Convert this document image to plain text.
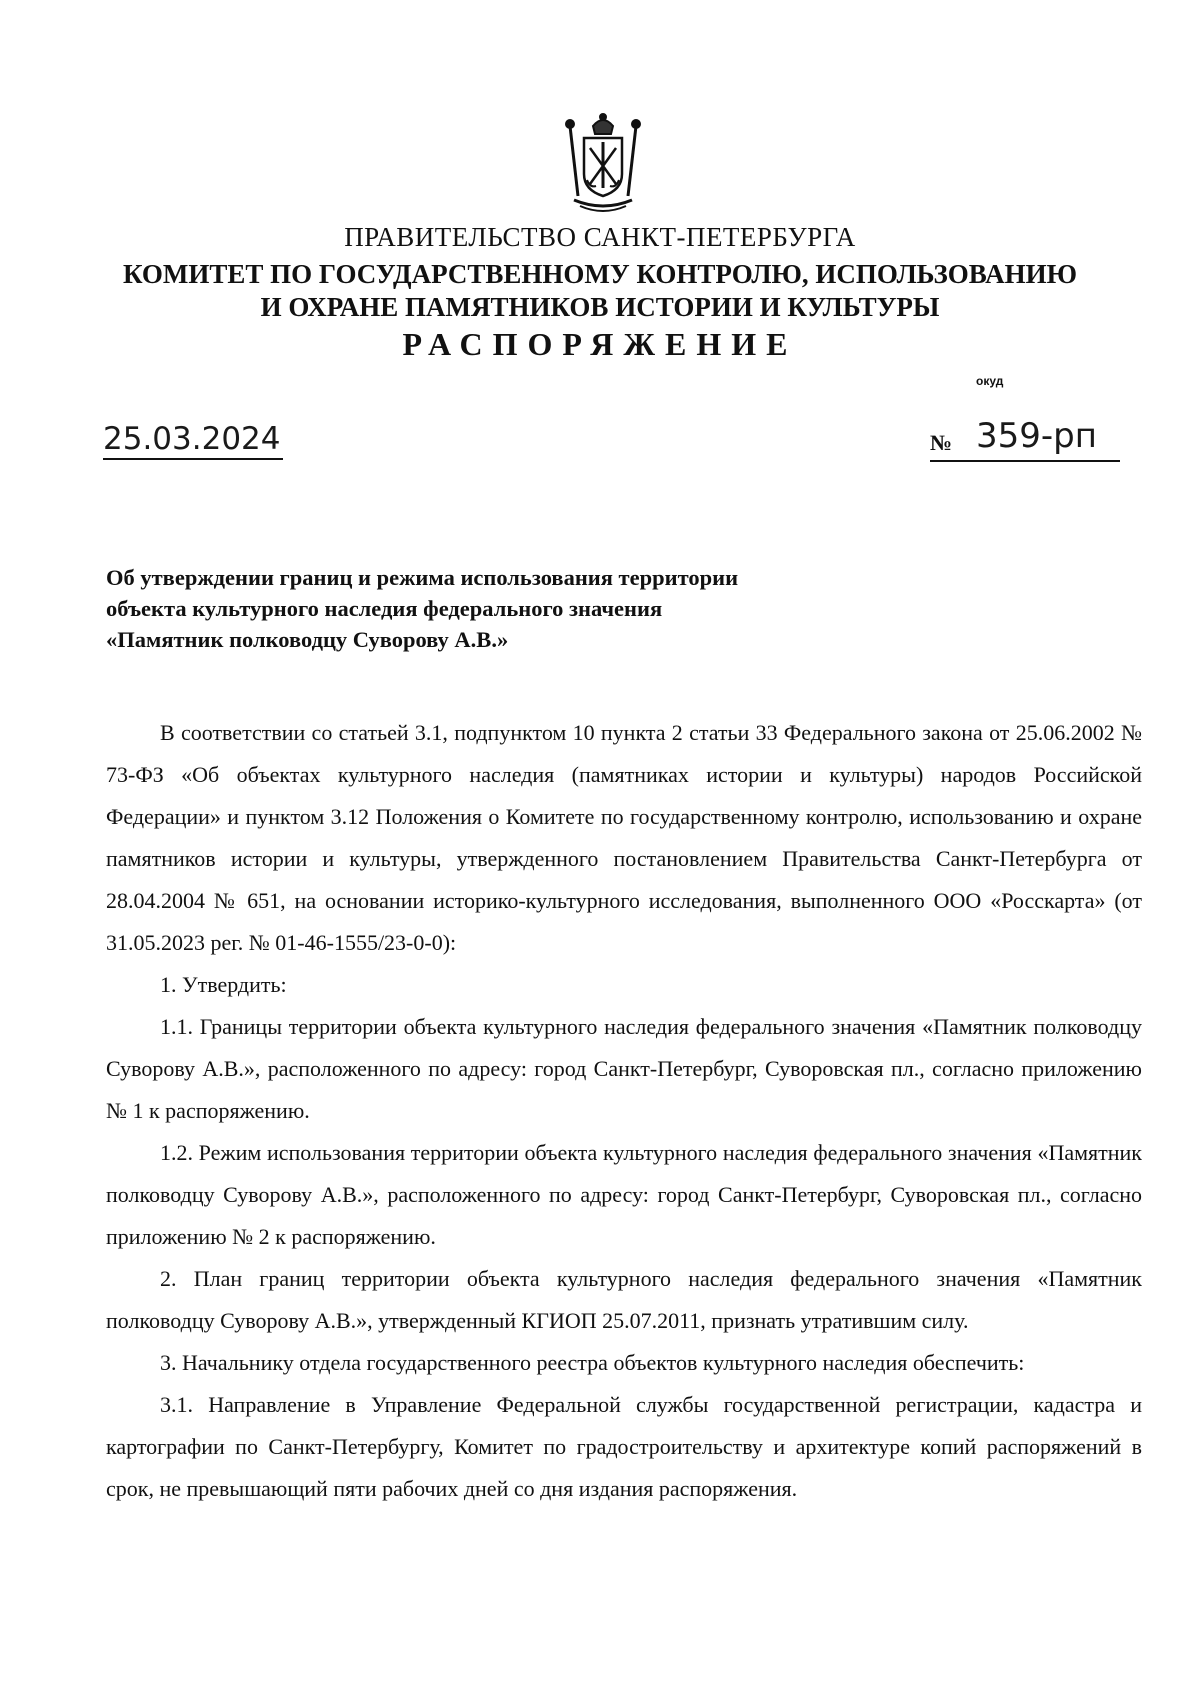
ПРАВИТЕЛЬСТВО САНКТ-ПЕТЕРБУРГА
КОМИТЕТ ПО ГОСУДАРСТВЕННОМУ КОНТРОЛЮ, ИСПОЛЬЗОВАНИЮ
И ОХРАНЕ ПАМЯТНИКОВ ИСТОРИИ И КУЛЬТУРЫ
РАСПОРЯЖЕНИЕ
окуд
25.03.2024	№ 359-рп
Об утверждении границ и режима использования территории
объекта культурного наследия федерального значения
«Памятник полководцу Суворову А.В.»

В соответствии со статьей 3.1, подпунктом 10 пункта 2 статьи 33 Федерального закона от 25.06.2002 № 73-ФЗ «Об объектах культурного наследия (памятниках истории и культуры) народов Российской Федерации» и пунктом 3.12 Положения о Комитете по государственному контролю, использованию и охране памятников истории и культуры, утвержденного постановлением Правительства Санкт-Петербурга от 28.04.2004 № 651, на основании историко-культурного исследования, выполненного ООО «Росскарта» (от 31.05.2023 рег. № 01-46-1555/23-0-0):

1. Утвердить:

1.1. Границы территории объекта культурного наследия федерального значения «Памятник полководцу Суворову А.В.», расположенного по адресу: город Санкт-Петербург, Суворовская пл., согласно приложению № 1 к распоряжению.

1.2. Режим использования территории объекта культурного наследия федерального значения «Памятник полководцу Суворову А.В.», расположенного по адресу: город Санкт-Петербург, Суворовская пл., согласно приложению № 2 к распоряжению.

2. План границ территории объекта культурного наследия федерального значения «Памятник полководцу Суворову А.В.», утвержденный КГИОП 25.07.2011, признать утратившим силу.

3. Начальнику отдела государственного реестра объектов культурного наследия обеспечить:

3.1. Направление в Управление Федеральной службы государственной регистрации, кадастра и картографии по Санкт-Петербургу, Комитет по градостроительству и архитектуре копий распоряжений в срок, не превышающий пяти рабочих дней со дня издания распоряжения.
